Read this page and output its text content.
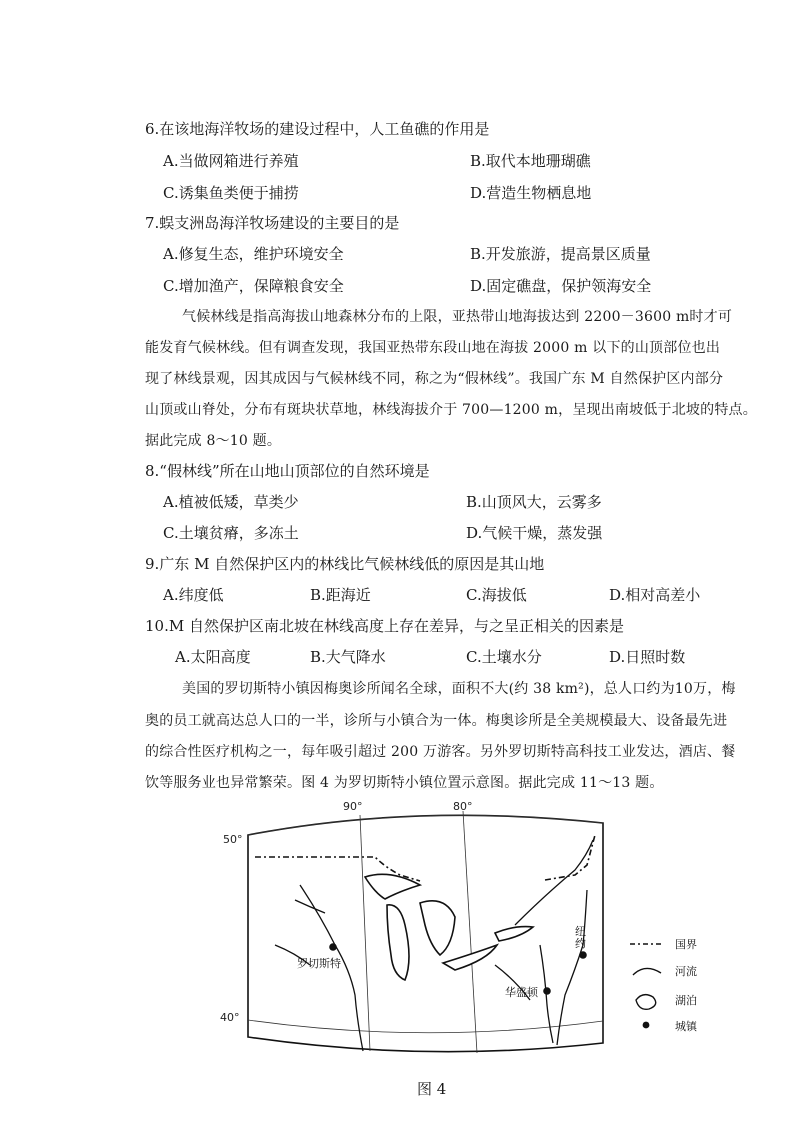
6.在该地海洋牧场的建设过程中，人工鱼礁的作用是
A.当做网箱进行养殖	B.取代本地珊瑚礁
C.诱集鱼类便于捕捞	D.营造生物栖息地
7.蜈支洲岛海洋牧场建设的主要目的是
A.修复生态，维护环境安全	B.开发旅游，提高景区质量
C.增加渔产，保障粮食安全	D.固定礁盘，保护领海安全
气候林线是指高海拔山地森林分布的上限，亚热带山地海拔达到 2200－3600 m时才可
能发育气候林线。但有调查发现，我国亚热带东段山地在海拔 2000 m 以下的山顶部位也出
现了林线景观，因其成因与气候林线不同，称之为“假林线”。我国广东 M 自然保护区内部分
山顶或山脊处，分布有斑块状草地，林线海拔介于 700—1200 m，呈现出南坡低于北坡的特点。
据此完成 8～10 题。
8.“假林线”所在山地山顶部位的自然环境是
A.植被低矮，草类少	B.山顶风大，云雾多
C.土壤贫瘠，多冻土	D.气候干燥，蒸发强
9.广东 M 自然保护区内的林线比气候林线低的原因是其山地
A.纬度低	B.距海近	C.海拔低	D.相对高差小
10.M 自然保护区南北坡在林线高度上存在差异，与之呈正相关的因素是
A.太阳高度	B.大气降水	C.土壤水分	D.日照时数
美国的罗切斯特小镇因梅奥诊所闻名全球，面积不大(约 38 km²)，总人口约为10万，梅
奥的员工就高达总人口的一半，诊所与小镇合为一体。梅奥诊所是全美规模最大、设备最先进
的综合性医疗机构之一，每年吸引超过 200 万游客。另外罗切斯特高科技工业发达，酒店、餐
饮等服务业也异常繁荣。图 4 为罗切斯特小镇位置示意图。据此完成 11～13 题。
90°	80°
50°
40°
罗切斯特
纽
约
华盛顿
国界
河流
湖泊
城镇
图 4
